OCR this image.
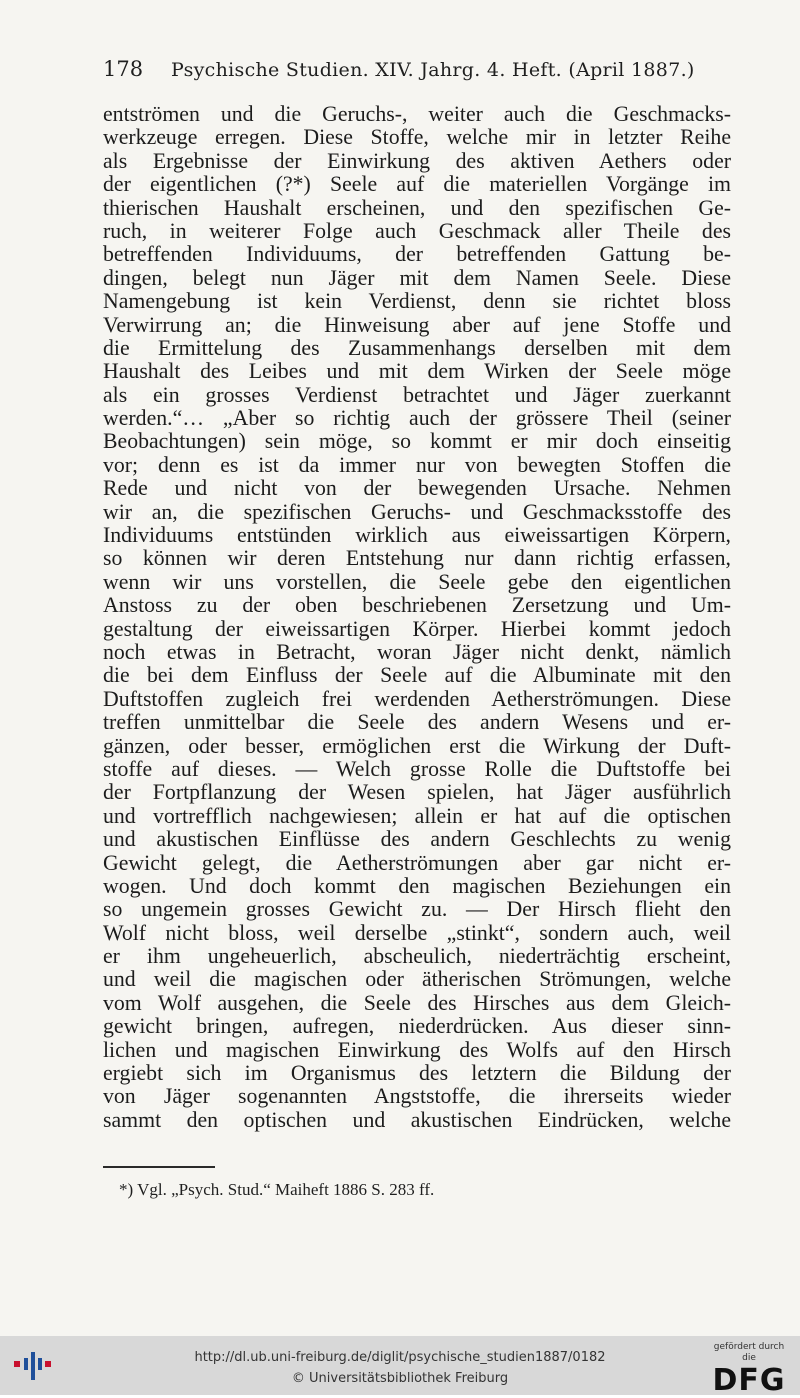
178 Psychische Studien. XIV. Jahrg. 4. Heft. (April 1887.)
entströmen und die Geruchs-, weiter auch die Geschmacks-
werkzeuge erregen. Diese Stoffe, welche mir in letzter Reihe
als Ergebnisse der Einwirkung des aktiven Aethers oder
der eigentlichen (?*) Seele auf die materiellen Vorgänge im
thierischen Haushalt erscheinen, und den spezifischen Ge-
ruch, in weiterer Folge auch Geschmack aller Theile des
betreffenden Individuums, der betreffenden Gattung be-
dingen, belegt nun Jäger mit dem Namen Seele. Diese
Namengebung ist kein Verdienst, denn sie richtet bloss
Verwirrung an; die Hinweisung aber auf jene Stoffe und
die Ermittelung des Zusammenhangs derselben mit dem
Haushalt des Leibes und mit dem Wirken der Seele möge
als ein grosses Verdienst betrachtet und Jäger zuerkannt
werden.“… „Aber so richtig auch der grössere Theil (seiner
Beobachtungen) sein möge, so kommt er mir doch einseitig
vor; denn es ist da immer nur von bewegten Stoffen die
Rede und nicht von der bewegenden Ursache. Nehmen
wir an, die spezifischen Geruchs- und Geschmacksstoffe des
Individuums entstünden wirklich aus eiweissartigen Körpern,
so können wir deren Entstehung nur dann richtig erfassen,
wenn wir uns vorstellen, die Seele gebe den eigentlichen
Anstoss zu der oben beschriebenen Zersetzung und Um-
gestaltung der eiweissartigen Körper. Hierbei kommt jedoch
noch etwas in Betracht, woran Jäger nicht denkt, nämlich
die bei dem Einfluss der Seele auf die Albuminate mit den
Duftstoffen zugleich frei werdenden Aetherströmungen. Diese
treffen unmittelbar die Seele des andern Wesens und er-
gänzen, oder besser, ermöglichen erst die Wirkung der Duft-
stoffe auf dieses. — Welch grosse Rolle die Duftstoffe bei
der Fortpflanzung der Wesen spielen, hat Jäger ausführlich
und vortrefflich nachgewiesen; allein er hat auf die optischen
und akustischen Einflüsse des andern Geschlechts zu wenig
Gewicht gelegt, die Aetherströmungen aber gar nicht er-
wogen. Und doch kommt den magischen Beziehungen ein
so ungemein grosses Gewicht zu. — Der Hirsch flieht den
Wolf nicht bloss, weil derselbe „stinkt“, sondern auch, weil
er ihm ungeheuerlich, abscheulich, niederträchtig erscheint,
und weil die magischen oder ätherischen Strömungen, welche
vom Wolf ausgehen, die Seele des Hirsches aus dem Gleich-
gewicht bringen, aufregen, niederdrücken. Aus dieser sinn-
lichen und magischen Einwirkung des Wolfs auf den Hirsch
ergiebt sich im Organismus des letztern die Bildung der
von Jäger sogenannten Angststoffe, die ihrerseits wieder
sammt den optischen und akustischen Eindrücken, welche
*) Vgl. „Psych. Stud.“ Maiheft 1886 S. 283 ff.
http://dl.ub.uni-freiburg.de/diglit/psychische_studien1887/0182
© Universitätsbibliothek Freiburg
gefördert durch die
DFG
